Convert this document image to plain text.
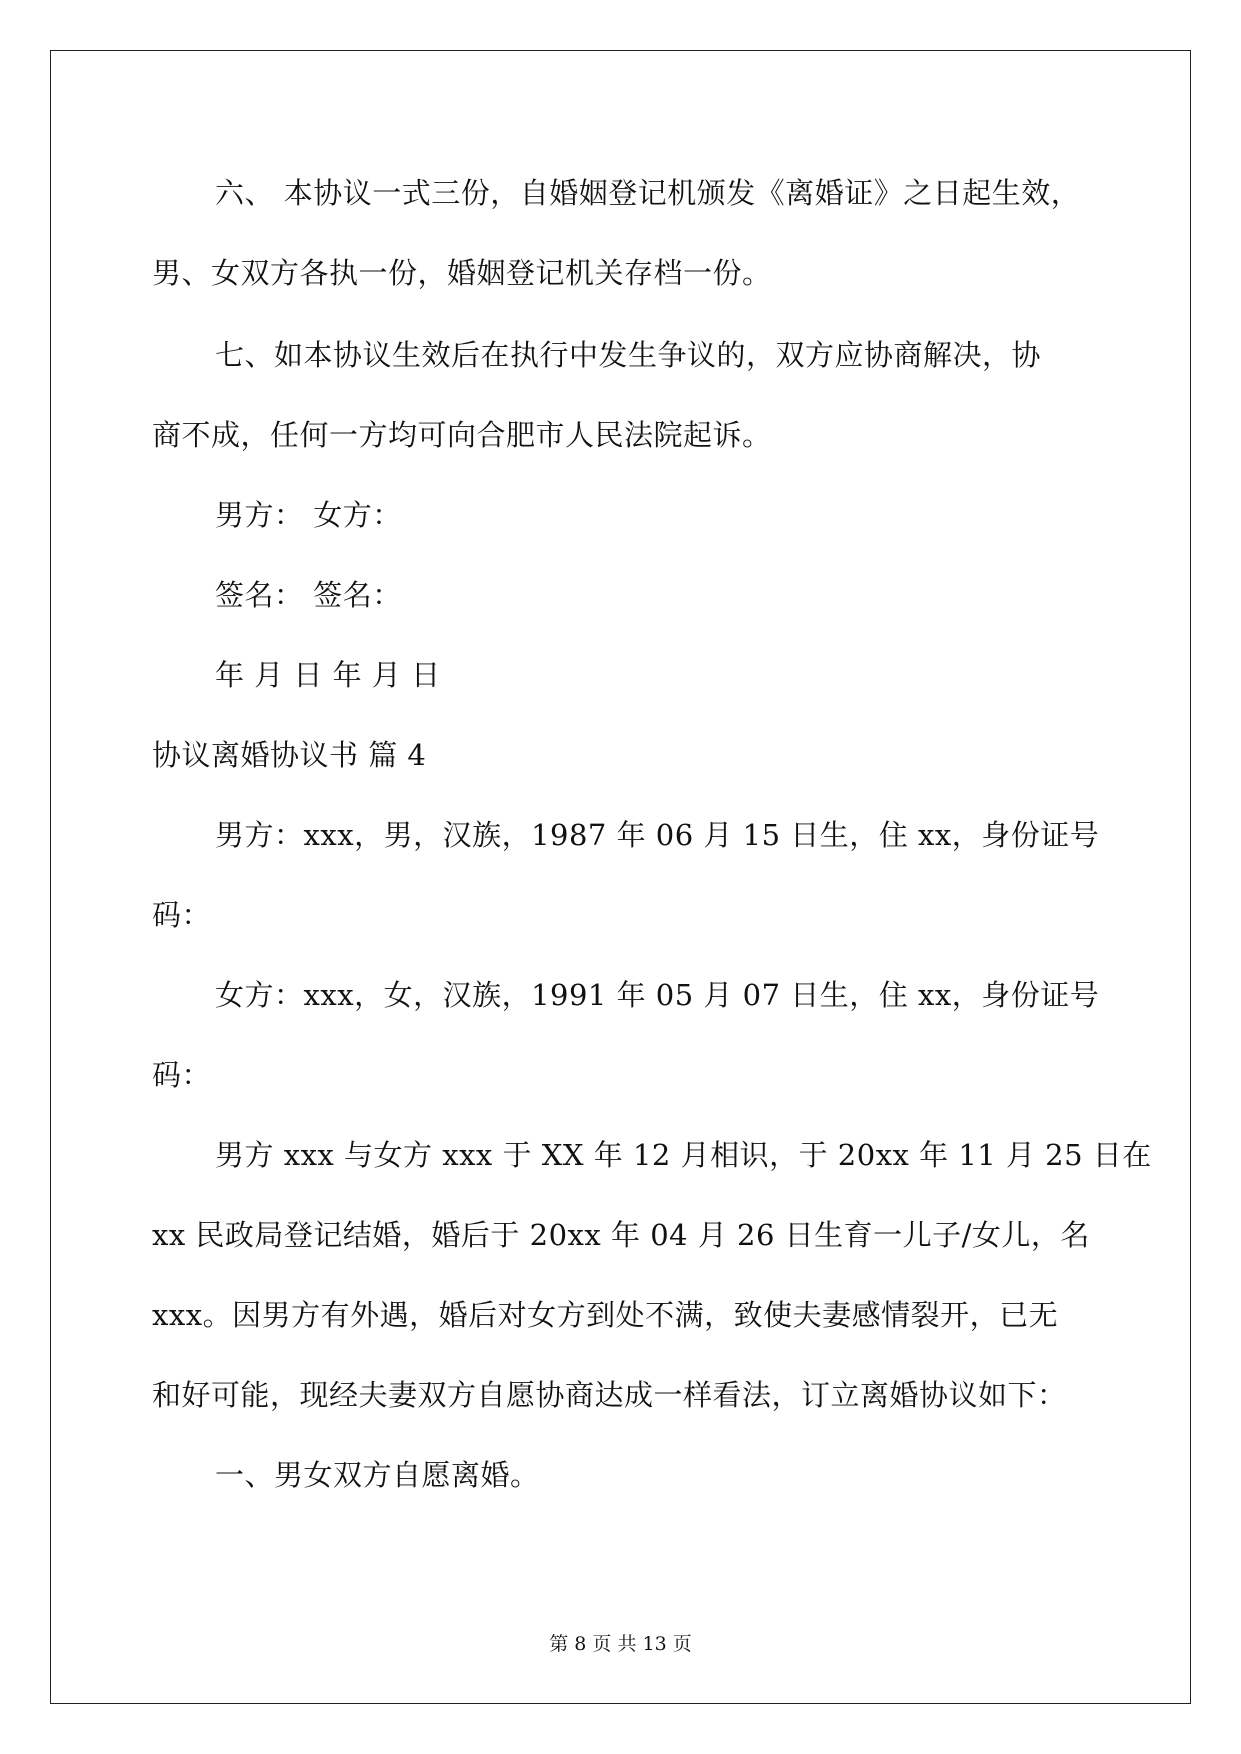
六、 本协议一式三份，自婚姻登记机颁发《离婚证》之日起生效，
男、女双方各执一份，婚姻登记机关存档一份。
七、如本协议生效后在执行中发生争议的，双方应协商解决，协
商不成，任何一方均可向合肥市人民法院起诉。
男方： 女方：
签名： 签名：
年 月 日 年 月 日
协议离婚协议书 篇 4
男方：xxx，男，汉族，1987 年 06 月 15 日生，住 xx，身份证号
码：
女方：xxx，女，汉族，1991 年 05 月 07 日生，住 xx，身份证号
码：
男方 xxx 与女方 xxx 于 XX 年 12 月相识，于 20xx 年 11 月 25 日在
xx 民政局登记结婚，婚后于 20xx 年 04 月 26 日生育一儿子/女儿，名
xxx。因男方有外遇，婚后对女方到处不满，致使夫妻感情裂开，已无
和好可能，现经夫妻双方自愿协商达成一样看法，订立离婚协议如下：
一、男女双方自愿离婚。
第 8 页 共 13 页
